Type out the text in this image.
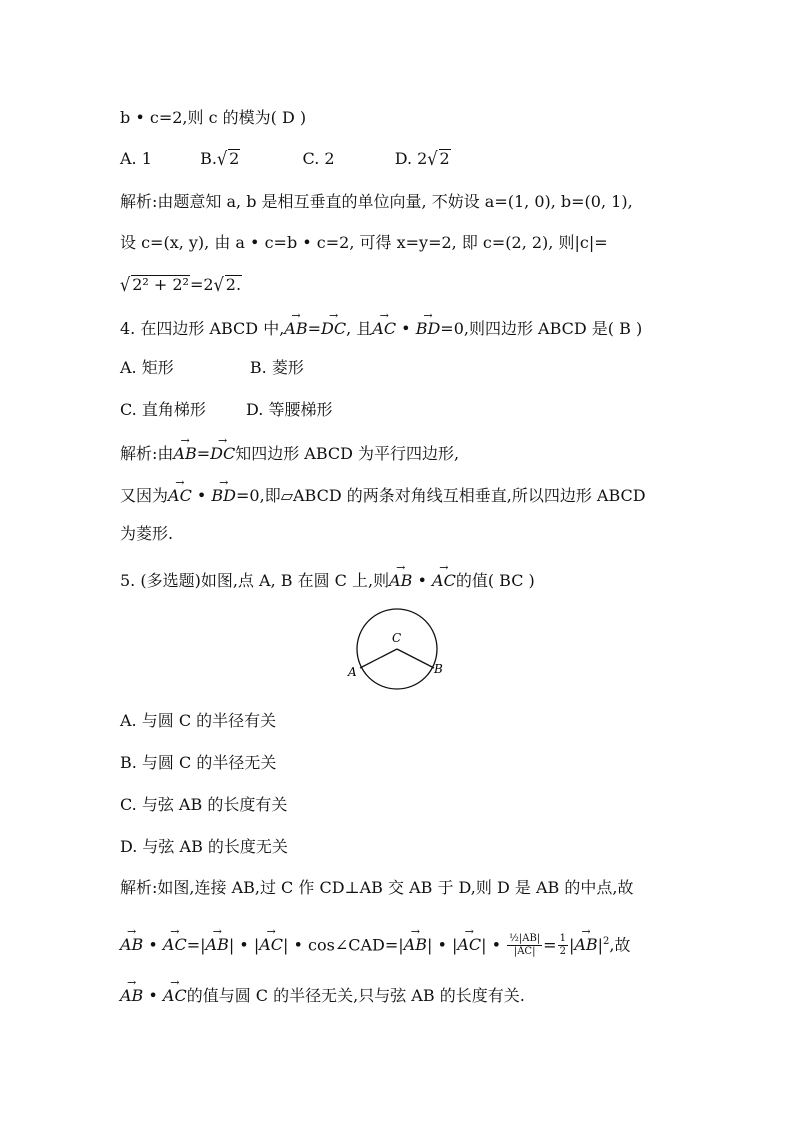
b • c=2,则 c 的模为( D )
A. 1	B.√ 2	C. 2	D. 2√ 2
解析:由题意知 a, b 是相互垂直的单位向量, 不妨设 a=(1, 0), b=(0, 1),
设 c=(x, y), 由 a • c=b • c=2, 可得 x=y=2, 即 c=(2, 2), 则|c|=
√ 2² + 2²=2√ 2.
4. 在四边形 ABCD 中,→ AB=→ DC, 且→ AC • → BD=0,则四边形 ABCD 是( B )
A. 矩形	B. 菱形
C. 直角梯形	D. 等腰梯形
解析:由→ AB=→ DC知四边形 ABCD 为平行四边形,
又因为→ AC • → BD=0,即▱ABCD 的两条对角线互相垂直,所以四边形 ABCD
为菱形.
5. (多选题)如图,点 A, B 在圆 C 上,则→ AB • → AC的值( BC )
C
A	B
A. 与圆 C 的半径有关
B. 与圆 C 的半径无关
C. 与弦 AB 的长度有关
D. 与弦 AB 的长度无关
解析:如图,连接 AB,过 C 作 CD⊥AB 交 AB 于 D,则 D 是 AB 的中点,故
→ AB • → AC=|→ AB| • |→ AC| • cos∠CAD=|→ AB| • |→ AC| • $\frac{\text{½|AB|}}{|AC|} = \frac{1}{2}$ |→ $AB|^2$,故
→ AB • → AC的值与圆 C 的半径无关,只与弦 AB 的长度有关.
